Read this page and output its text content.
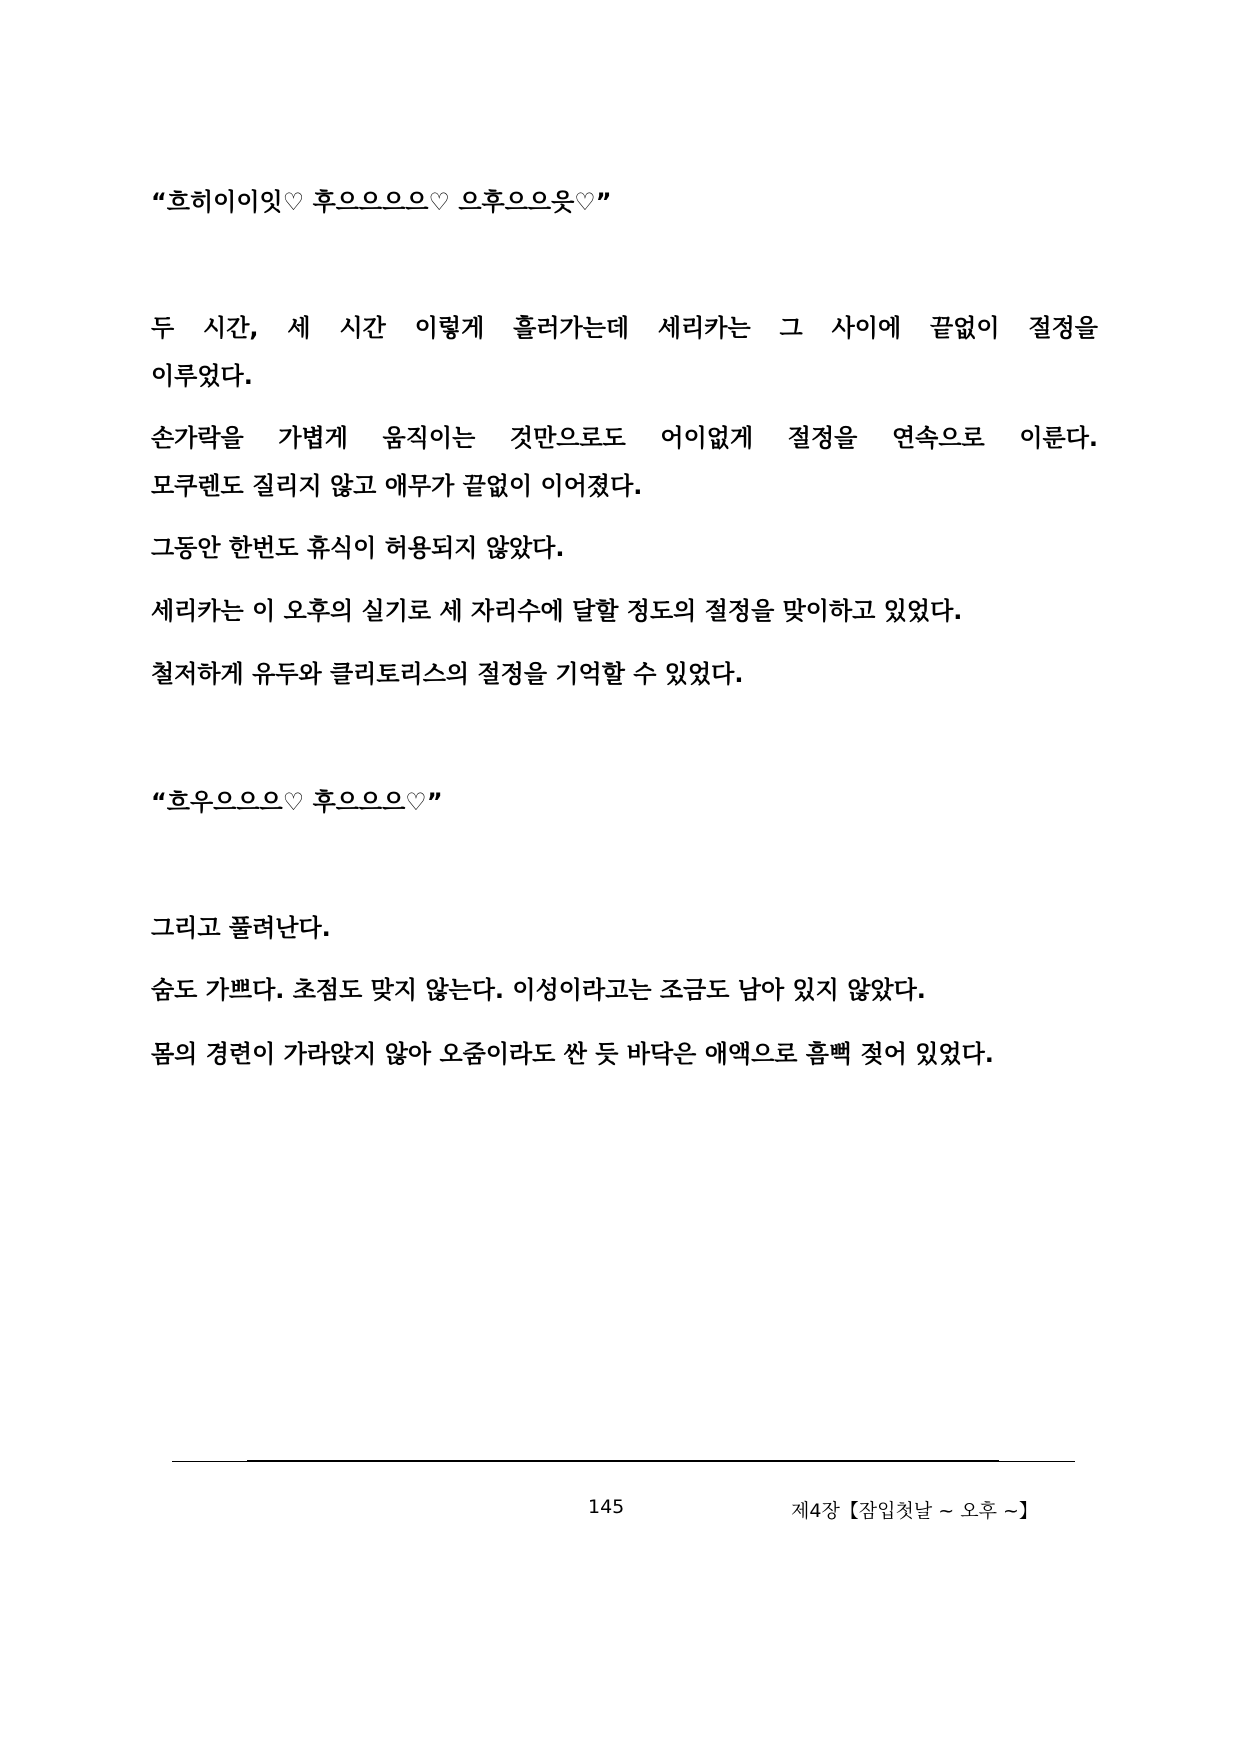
“흐히이이잇♡ 후으으으으♡ 으후으으읏♡”
두 시간, 세 시간 이렇게 흘러가는데 세리카는 그 사이에 끝없이 절정을
이루었다.
손가락을 가볍게 움직이는 것만으로도 어이없게 절정을 연속으로 이룬다.
모쿠렌도 질리지 않고 애무가 끝없이 이어졌다.
그동안 한번도 휴식이 허용되지 않았다.
세리카는 이 오후의 실기로 세 자리수에 달할 정도의 절정을 맞이하고 있었다.
철저하게 유두와 클리토리스의 절정을 기억할 수 있었다.
“흐우으으으♡ 후으으으♡”
그리고 풀려난다.
숨도 가쁘다. 초점도 맞지 않는다. 이성이라고는 조금도 남아 있지 않았다.
몸의 경련이 가라앉지 않아 오줌이라도 싼 듯 바닥은 애액으로 흠뻑 젖어 있었다.
145	제4장【잠입첫날 ~ 오후 ~】
